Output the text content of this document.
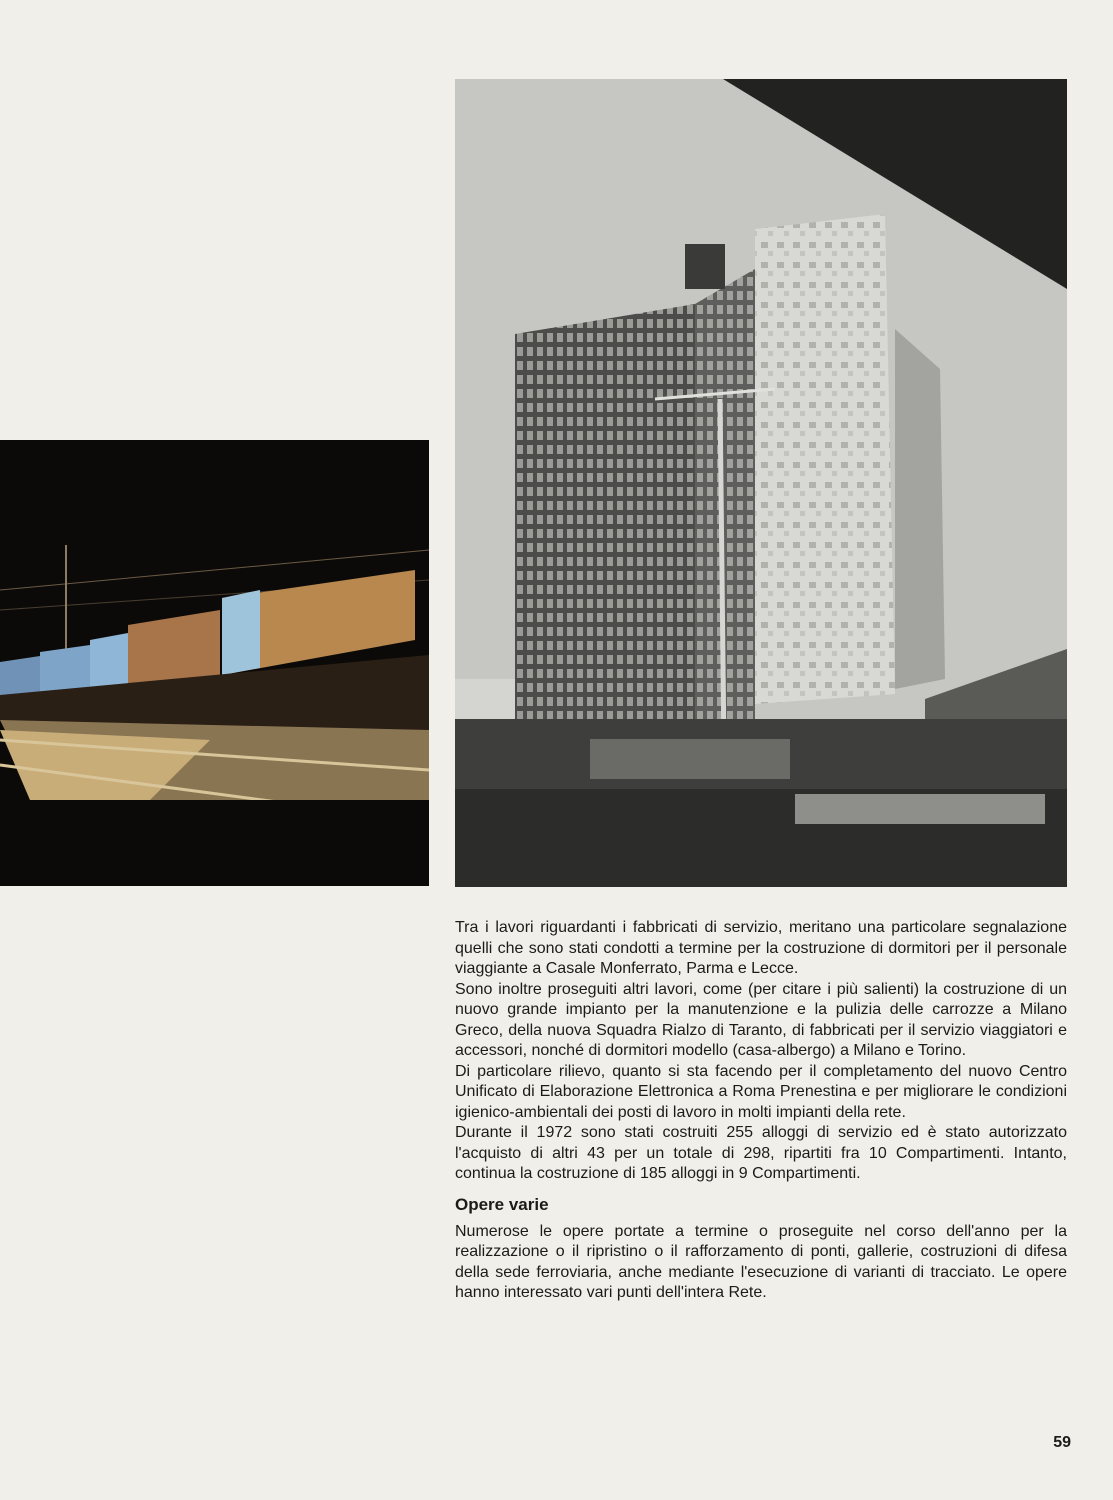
Tra i lavori riguardanti i fabbricati di servizio, meritano una particolare segnalazione quelli che sono stati condotti a termine per la costruzione di dormitori per il personale viaggiante a Casale Monferrato, Parma e Lecce.

Sono inoltre proseguiti altri lavori, come (per citare i più salienti) la costruzione di un nuovo grande impianto per la manutenzione e la pulizia delle carrozze a Milano Greco, della nuova Squadra Rialzo di Taranto, di fabbricati per il servizio viaggiatori e accessori, nonché di dormitori modello (casa-albergo) a Milano e Torino.

Di particolare rilievo, quanto si sta facendo per il completamento del nuovo Centro Unificato di Elaborazione Elettronica a Roma Prenestina e per migliorare le condizioni igienico-ambientali dei posti di lavoro in molti impianti della rete.

Durante il 1972 sono stati costruiti 255 alloggi di servizio ed è stato autorizzato l'acquisto di altri 43 per un totale di 298, ripartiti fra 10 Compartimenti. Intanto, continua la costruzione di 185 alloggi in 9 Compartimenti.

Opere varie

Numerose le opere portate a termine o proseguite nel corso dell'anno per la realizzazione o il ripristino o il rafforzamento di ponti, gallerie, costruzioni di difesa della sede ferroviaria, anche mediante l'esecuzione di varianti di tracciato. Le opere hanno interessato vari punti dell'intera Rete.

59
